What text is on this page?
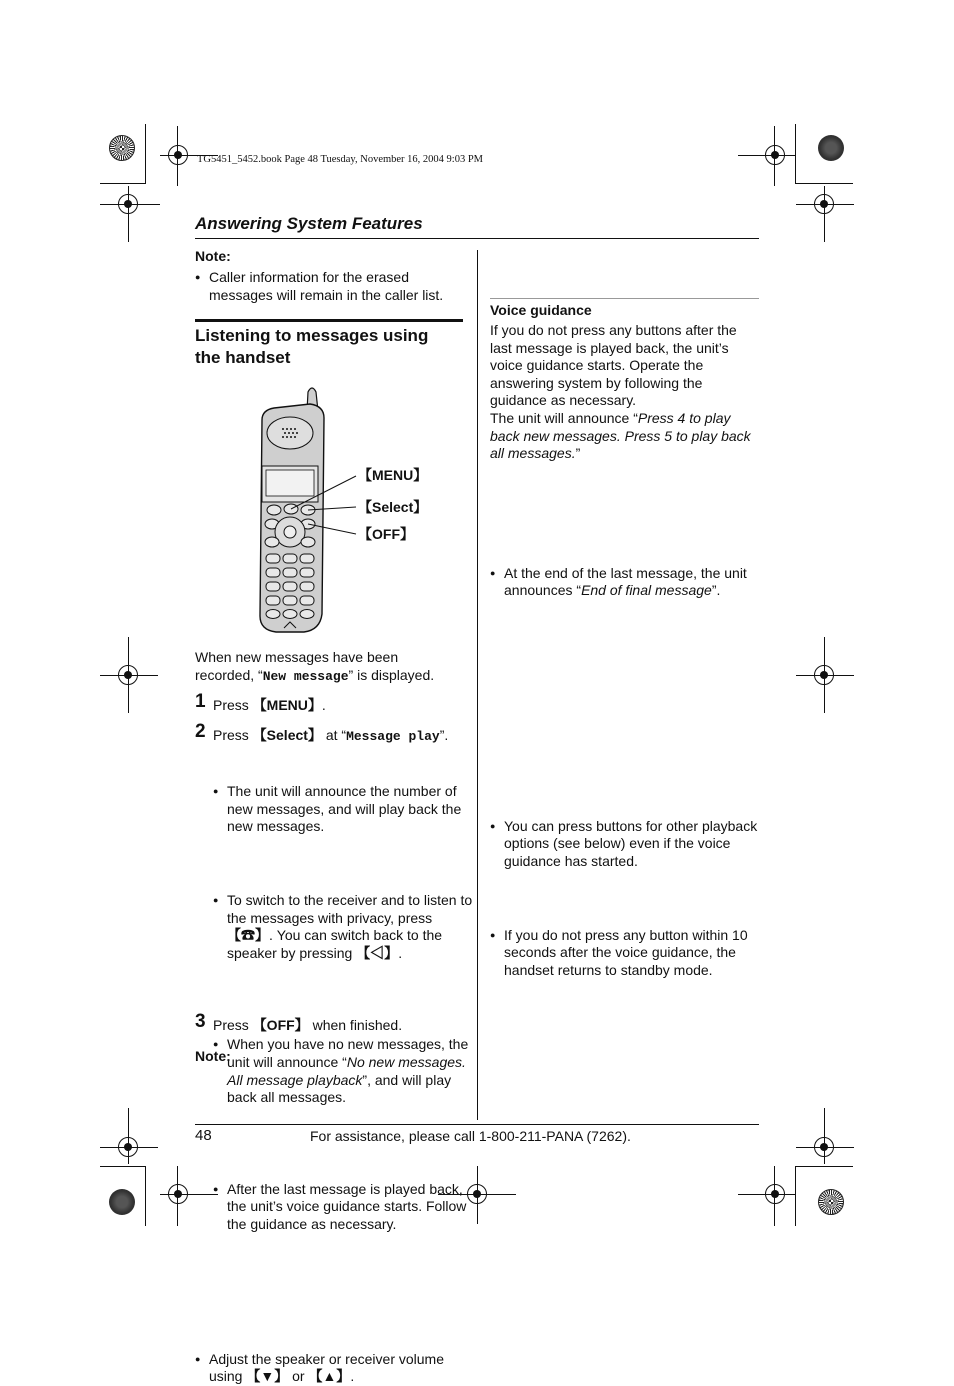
TG5451_5452.book Page 48 Tuesday, November 16, 2004 9:03 PM
Answering System Features
Note:
● Caller information for the erased messages will remain in the caller list.
Listening to messages using the handset
【MENU】
【Select】
【OFF】
When new messages have been recorded, “New message” is displayed.
1 Press 【MENU】.
2 Press 【Select】 at “Message play”.
● The unit will announce the number of new messages, and will play back the new messages.
● To switch to the receiver and to listen to the messages with privacy, press 【☎】. You can switch back to the speaker by pressing 【◁】.
● When you have no new messages, the unit will announce “No new messages. All message playback”, and will play back all messages.
● After the last message is played back, the unit’s voice guidance starts. Follow the guidance as necessary.
3 Press 【OFF】 when finished.
Note:
● Adjust the speaker or receiver volume using 【▼】 or 【▲】.
● At the end of the last message, the unit announces “End of final message”.
Voice guidance
If you do not press any buttons after the last message is played back, the unit’s voice guidance starts. Operate the answering system by following the guidance as necessary.
The unit will announce “Press 4 to play back new messages. Press 5 to play back all messages.”
● You can press buttons for other playback options (see below) even if the voice guidance has started.
● If you do not press any button within 10 seconds after the voice guidance, the handset returns to standby mode.
48	For assistance, please call 1-800-211-PANA (7262).
